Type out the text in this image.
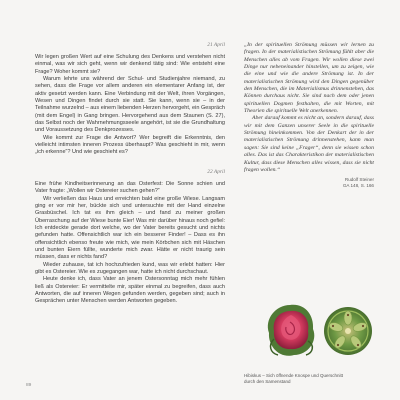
21 April

Wir legen großen Wert auf eine Schulung des Denkens und verstehen nicht einmal, was wir sich geht, wenn wir denkend tätig sind: Wie entsteht eine Frage? Woher kommt sie?

Warum lehrte uns während der Schul- und Studienjahre niemand, zu sehen, dass die Frage vor allem anderen ein elementarer Anfang ist, der aktiv gesetzt werden kann. Eine Verbindung mit der Welt, ihren Vorgängen, Wesen und Dingen findet durch sie statt. Sie kann, wenn sie – in der Teilnahme wurzelnd – aus einem liebenden Herzen hervorgeht, ein Gespräch (mit dem Engel) in Gang bringen. Hervorgehend aus dem Staunen (S. 27), das Selbst noch der Wahrnehmungsseele angehört, ist sie die Grundhaltung und Voraussetzung des Denkprozesses.

Wie kommt zur Frage die Antwort? Wer begreift die Erkenntnis, den vielleicht intimsten inneren Prozess überhaupt? Was geschieht in mir, wenn „ich erkenne“? Und wie geschieht es?

22 April

Eine frühe Kindheitserinnerung an das Osterfest: Die Sonne schien und Vater fragte: „Wollen wir Ostereier suchen gehen?“

Wir verließen das Haus und erreichten bald eine große Wiese. Langsam ging er vor mir her, bückte sich und untersuchte mit der Hand einzelne Grasbüschel. Ich tat es ihm gleich – und fand zu meiner großen Überraschung auf der Wiese bunte Eier! Was mir darüber hinaus noch gefiel: Ich entdeckte gerade dort welche, wo der Vater bereits gesucht und nichts gefunden hatte. Offensichtlich war ich ein besserer Finder! – Dass es ihn offensichtlich ebenso freute wie mich, wie mein Körbchen sich mit Häschen und bunten Eiern füllte, wunderte mich zwar. Hätte er nicht traurig sein müssen, dass er nichts fand?

Wieder zuhause, tat ich hochzufrieden kund, was wir erlebt hatten: Hier gibt es Ostereier. Wie es zugegangen war, hatte ich nicht durchschaut.

Heute denke ich, dass Vater an jenem Ostersonntag mich mehr fühlen ließ als Ostereier: Er vermittelte mir, später einmal zu begreifen, dass auch Antworten, die auf inneren Wegen gefunden werden, gegeben sind; auch in Gesprächen unter Menschen werden Antworten gegeben.

„In der spirituellen Strömung müssen wir lernen zu fragen. In der materialistischen Strömung fühlt aber die Menschen alles ab vom Fragen. Wir wollen diese zwei Dinge nur nebeneinander hinstellen, um zu zeigen, wie die eine und wie die andere Strömung ist. In der materialistischen Strömung wird den Dingen gegenüber den Menschen, die im Materialismus drinnenstehen, das Können durchaus nicht. Sie sind nach dem oder jenen spirituellen Dogmen festhalten, die mit Worten, mit Theorien die spirituelle Welt anerkennen.

Aber darauf kommt es nicht an, sondern darauf, dass wir mit dem Ganzen unserer Seele in die spirituelle Strömung hineinkommen. Von der Denkart der in der materialistischen Strömung drinnenstehen, kann man sagen: Sie sind keine „Frager“, denn sie wissen schon alles. Das ist das Charakteristikon der materialistischen Kultur, dass diese Menschen alles wissen, dass sie nicht fragen wollen.“

Rudolf Steiner
GA 148, S. 166
Hibiskus – Sich öffnende Knospe und Querschnitt durch den Samenstand
89
